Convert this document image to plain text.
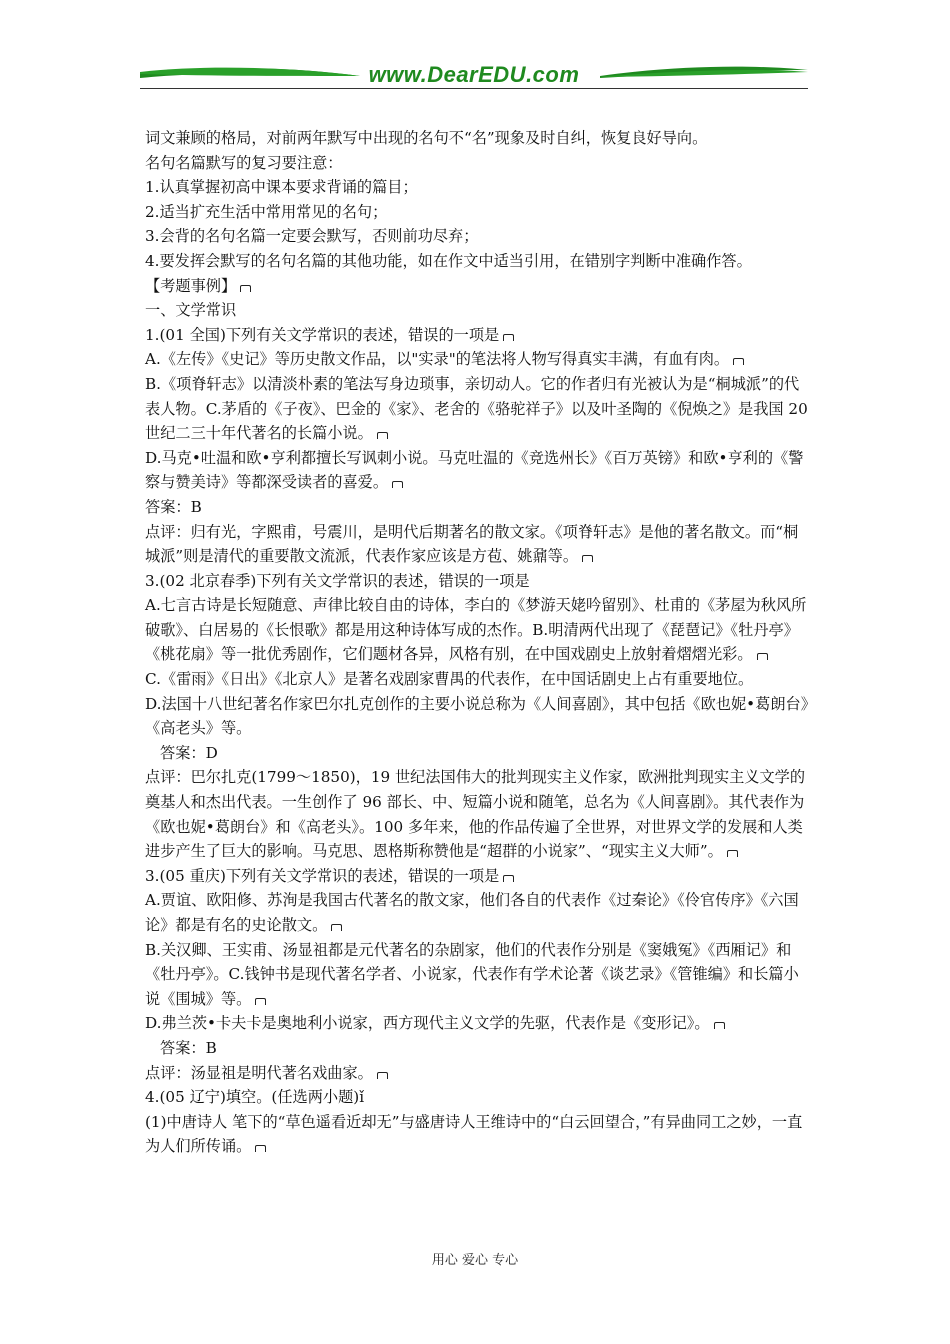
www.DearEDU.com

词文兼顾的格局，对前两年默写中出现的名句不“名”现象及时自纠，恢复良好导向。

名句名篇默写的复习要注意：

1.认真掌握初高中课本要求背诵的篇目；

2.适当扩充生活中常用常见的名句；

3.会背的名句名篇一定要会默写，否则前功尽弃；

4.要发挥会默写的名句名篇的其他功能，如在作文中适当引用，在错别字判断中准确作答。

【考题事例】

一、文学常识

1.(01 全国)下列有关文学常识的表述，错误的一项是

A.《左传》《史记》等历史散文作品，以"实录"的笔法将人物写得真实丰满，有血有肉。

B.《项脊轩志》以清淡朴素的笔法写身边琐事，亲切动人。它的作者归有光被认为是“桐城派”的代表人物。C.茅盾的《子夜》、巴金的《家》、老舍的《骆驼祥子》以及叶圣陶的《倪焕之》是我国 20 世纪二三十年代著名的长篇小说。

D.马克•吐温和欧•亨利都擅长写讽刺小说。马克吐温的《竞选州长》《百万英镑》和欧•亨利的《警察与赞美诗》等都深受读者的喜爱。

答案：B

点评：归有光，字熙甫，号震川，是明代后期著名的散文家。《项脊轩志》是他的著名散文。而“桐城派”则是清代的重要散文流派，代表作家应该是方苞、姚鼐等。

3.(02 北京春季)下列有关文学常识的表述，错误的一项是

A.七言古诗是长短随意、声律比较自由的诗体，李白的《梦游天姥吟留别》、杜甫的《茅屋为秋风所破歌》、白居易的《长恨歌》都是用这种诗体写成的杰作。B.明清两代出现了《琵琶记》《牡丹亭》《桃花扇》等一批优秀剧作，它们题材各异，风格有别，在中国戏剧史上放射着熠熠光彩。

C.《雷雨》《日出》《北京人》是著名戏剧家曹禺的代表作，在中国话剧史上占有重要地位。

D.法国十八世纪著名作家巴尔扎克创作的主要小说总称为《人间喜剧》，其中包括《欧也妮•葛朗台》《高老头》等。

答案：D

点评：巴尔扎克(1799～1850)，19 世纪法国伟大的批判现实主义作家，欧洲批判现实主义文学的奠基人和杰出代表。一生创作了 96 部长、中、短篇小说和随笔，总名为《人间喜剧》。其代表作为《欧也妮•葛朗台》和《高老头》。100 多年来，他的作品传遍了全世界，对世界文学的发展和人类进步产生了巨大的影响。马克思、恩格斯称赞他是“超群的小说家”、“现实主义大师”。

3.(05 重庆)下列有关文学常识的表述，错误的一项是

A.贾谊、欧阳修、苏洵是我国古代著名的散文家，他们各自的代表作《过秦论》《伶官传序》《六国论》都是有名的史论散文。

B.关汉卿、王实甫、汤显祖都是元代著名的杂剧家，他们的代表作分别是《窦娥冤》《西厢记》和《牡丹亭》。C.钱钟书是现代著名学者、小说家，代表作有学术论著《谈艺录》《管锥编》和长篇小说《围城》等。

D.弗兰茨•卡夫卡是奥地利小说家，西方现代主义文学的先驱，代表作是《变形记》。

答案：B

点评：汤显祖是明代著名戏曲家。

4.(05 辽宁)填空。(任选两小题)ǐ

(1)中唐诗人 笔下的“草色遥看近却无”与盛唐诗人王维诗中的“白云回望合，”有异曲同工之妙，一直为人们所传诵。

用心 爱心 专心
